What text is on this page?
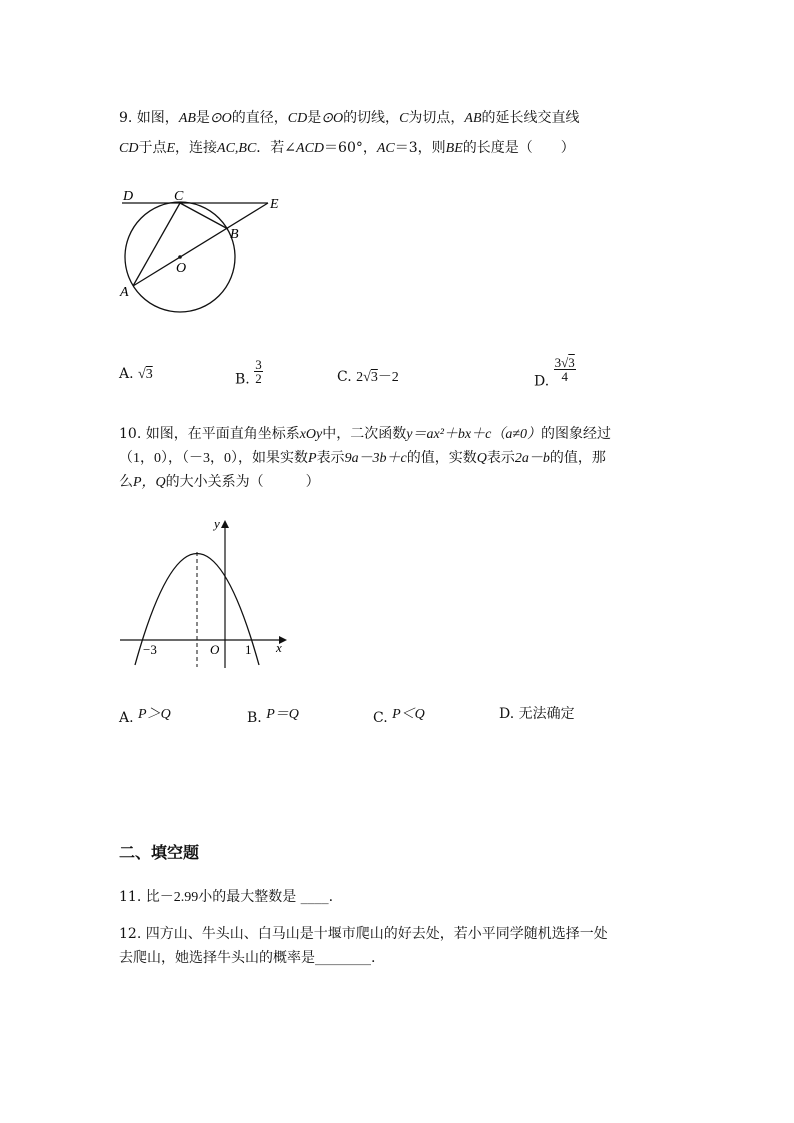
9. 如图，AB是⊙O的直径，CD是⊙O的切线，C为切点，AB的延长线交直线
CD于点E，连接AC,BC．若∠ACD＝60°，AC＝3，则BE的长度是（　　）
D	C
E
B
O
A
A. √3	B. $\frac{3}{2}$	C. 2√3－2	D. $\frac{3√3}{4}$
10. 如图，在平面直角坐标系xOy中，二次函数y＝ax²＋bx＋c（a≠0）的图象经过
（1，0），（－3，0），如果实数P表示9a－3b＋c的值，实数Q表示2a－b的值，那
么P，Q的大小关系为（　　　）
y
x
O
−3	1
A. P＞Q	B. P＝Q	C. P＜Q	D. 无法确定
二、填空题
11. 比－2.99小的最大整数是 ____.
12. 四方山、牛头山、白马山是十堰市爬山的好去处，若小平同学随机选择一处
去爬山，她选择牛头山的概率是________.
